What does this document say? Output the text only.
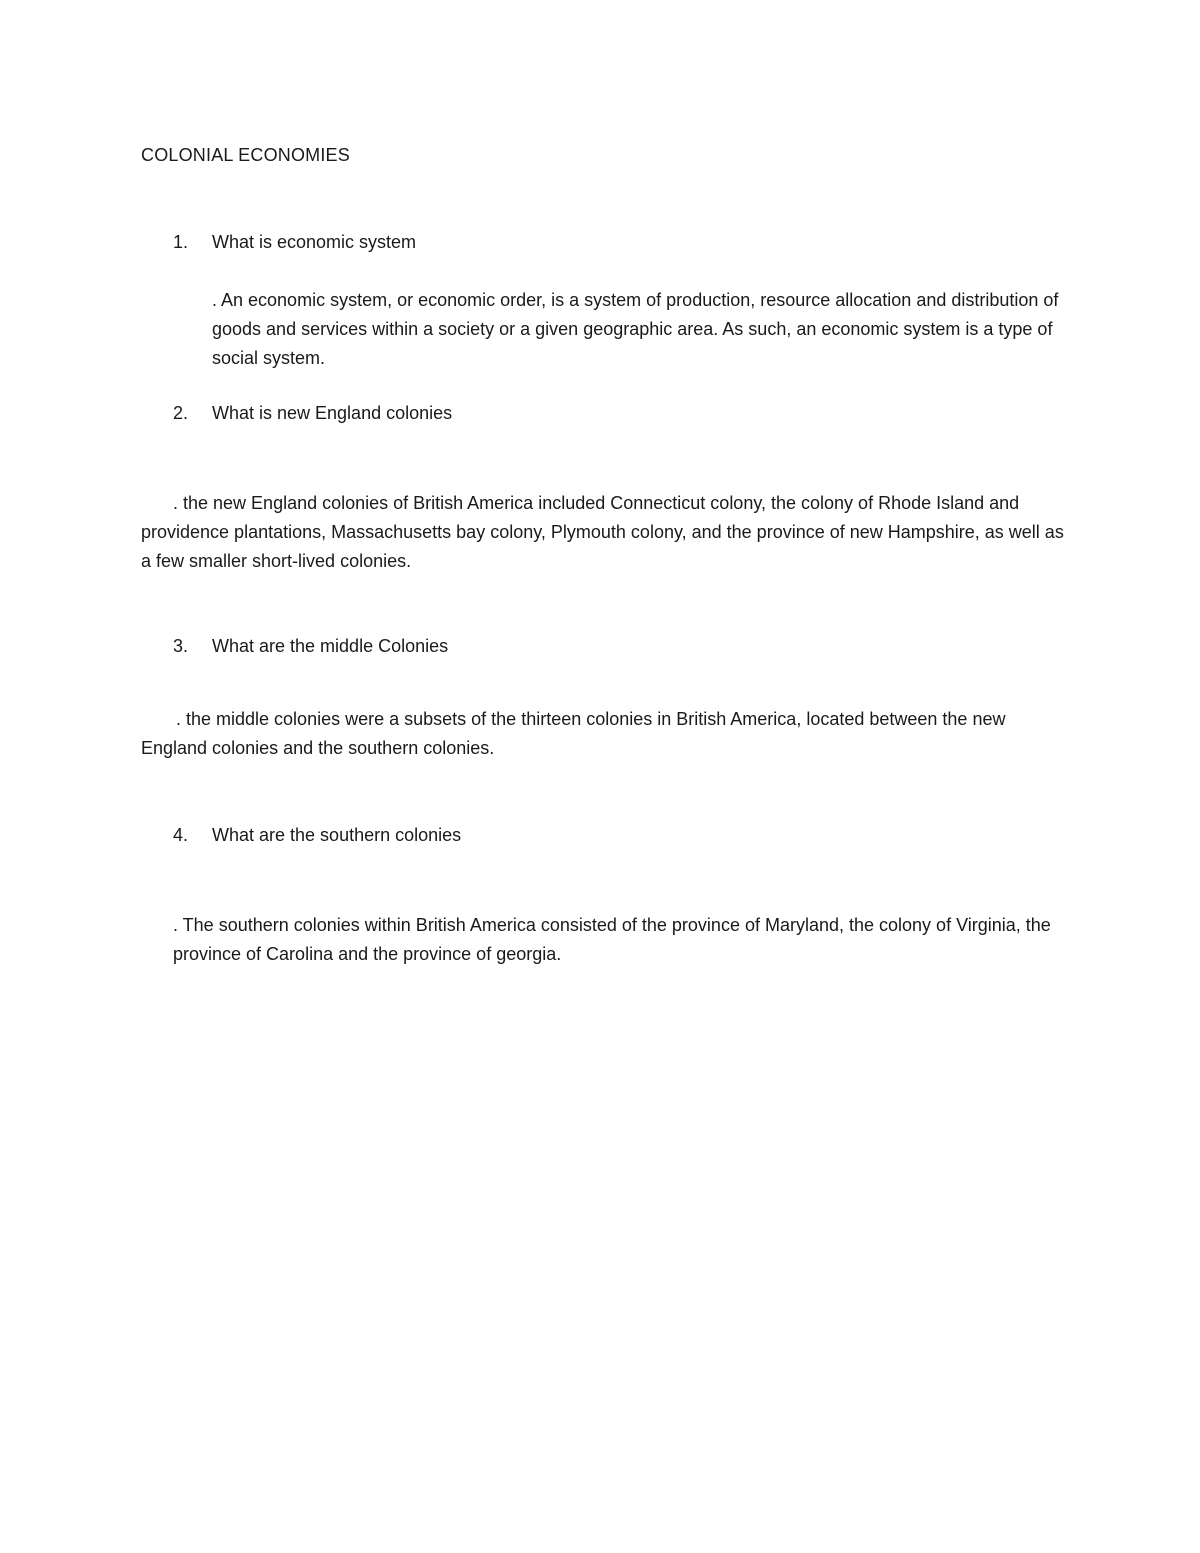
COLONIAL ECONOMIES
1. What is economic system
. An economic system, or economic order, is a system of production, resource allocation and distribution of goods and services within a society or a given geographic area. As such, an economic system is a type of social system.
2. What is new England colonies
. the new England colonies of British America included Connecticut colony, the colony of Rhode Island and providence plantations, Massachusetts bay colony, Plymouth colony, and the province of new Hampshire, as well as a few smaller short-lived colonies.
3. What are the middle Colonies
. the middle colonies were a subsets of the thirteen colonies in British America, located between the new England colonies and the southern colonies.
4. What are the southern colonies
. The southern colonies within British America consisted of the province of Maryland, the colony of Virginia, the province of Carolina and the province of georgia.
